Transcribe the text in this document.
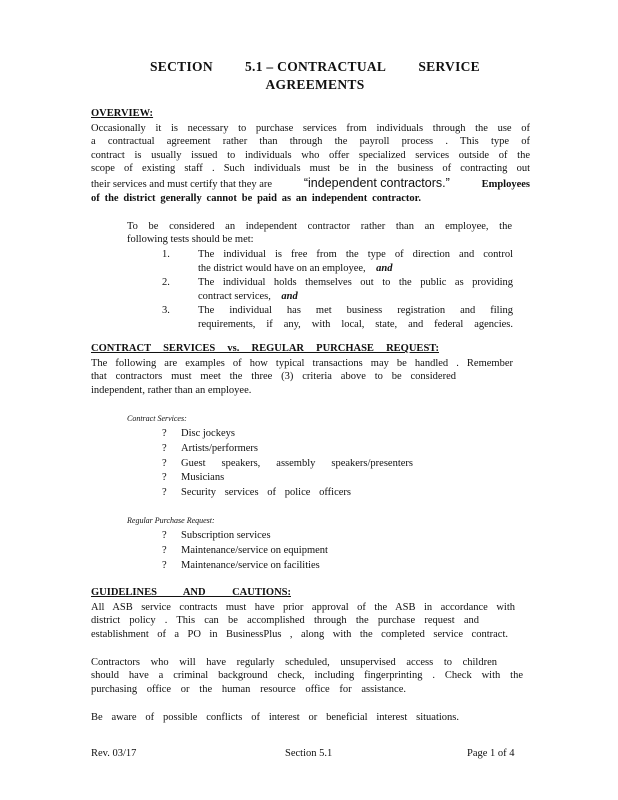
SECTION 5.1 – CONTRACTUAL SERVICE
AGREEMENTS
OVERVIEW:
Occasionally it is necessary to purchase services from individuals through the use of
a contractual agreement rather than through the payroll process . This type of
contract is usually issued to individuals who offer specialized services outside of the
scope of existing staff . Such individuals must be in the business of contracting out
their services and must certify that they are	“independent contractors.”	Employees
of the district generally cannot be paid as an independent contractor.
To be considered an independent contractor rather than an employee, the
following tests should be met:
1.	The individual is free from the type of direction and control
the district would have on an employee, and
2.	The individual holds themselves out to the public as providing
contract services, and
3.	The individual has met business registration and filing
requirements, if any, with local, state, and federal agencies.
CONTRACT SERVICES vs. REGULAR PURCHASE REQUEST:
The following are examples of how typical transactions may be handled . Remember
that contractors must meet the three (3) criteria above to be considered
independent, rather than an employee.
Contract Services:
?	Disc jockeys
?	Artists/performers
?	Guest speakers, assembly speakers/presenters
?	Musicians
?	Security services of police officers
Regular Purchase Request:
?	Subscription services
?	Maintenance/service on equipment
?	Maintenance/service on facilities
GUIDELINES AND CAUTIONS:
All ASB service contracts must have prior approval of the ASB in accordance with
district policy . This can be accomplished through the purchase request and
establishment of a PO in BusinessPlus , along with the completed service contract.
Contractors who will have regularly scheduled, unsupervised access to children
should have a criminal background check, including fingerprinting . Check with the
purchasing office or the human resource office for assistance.
Be aware of possible conflicts of interest or beneficial interest situations.
Rev. 03/17	Section 5.1	Page 1 of 4
